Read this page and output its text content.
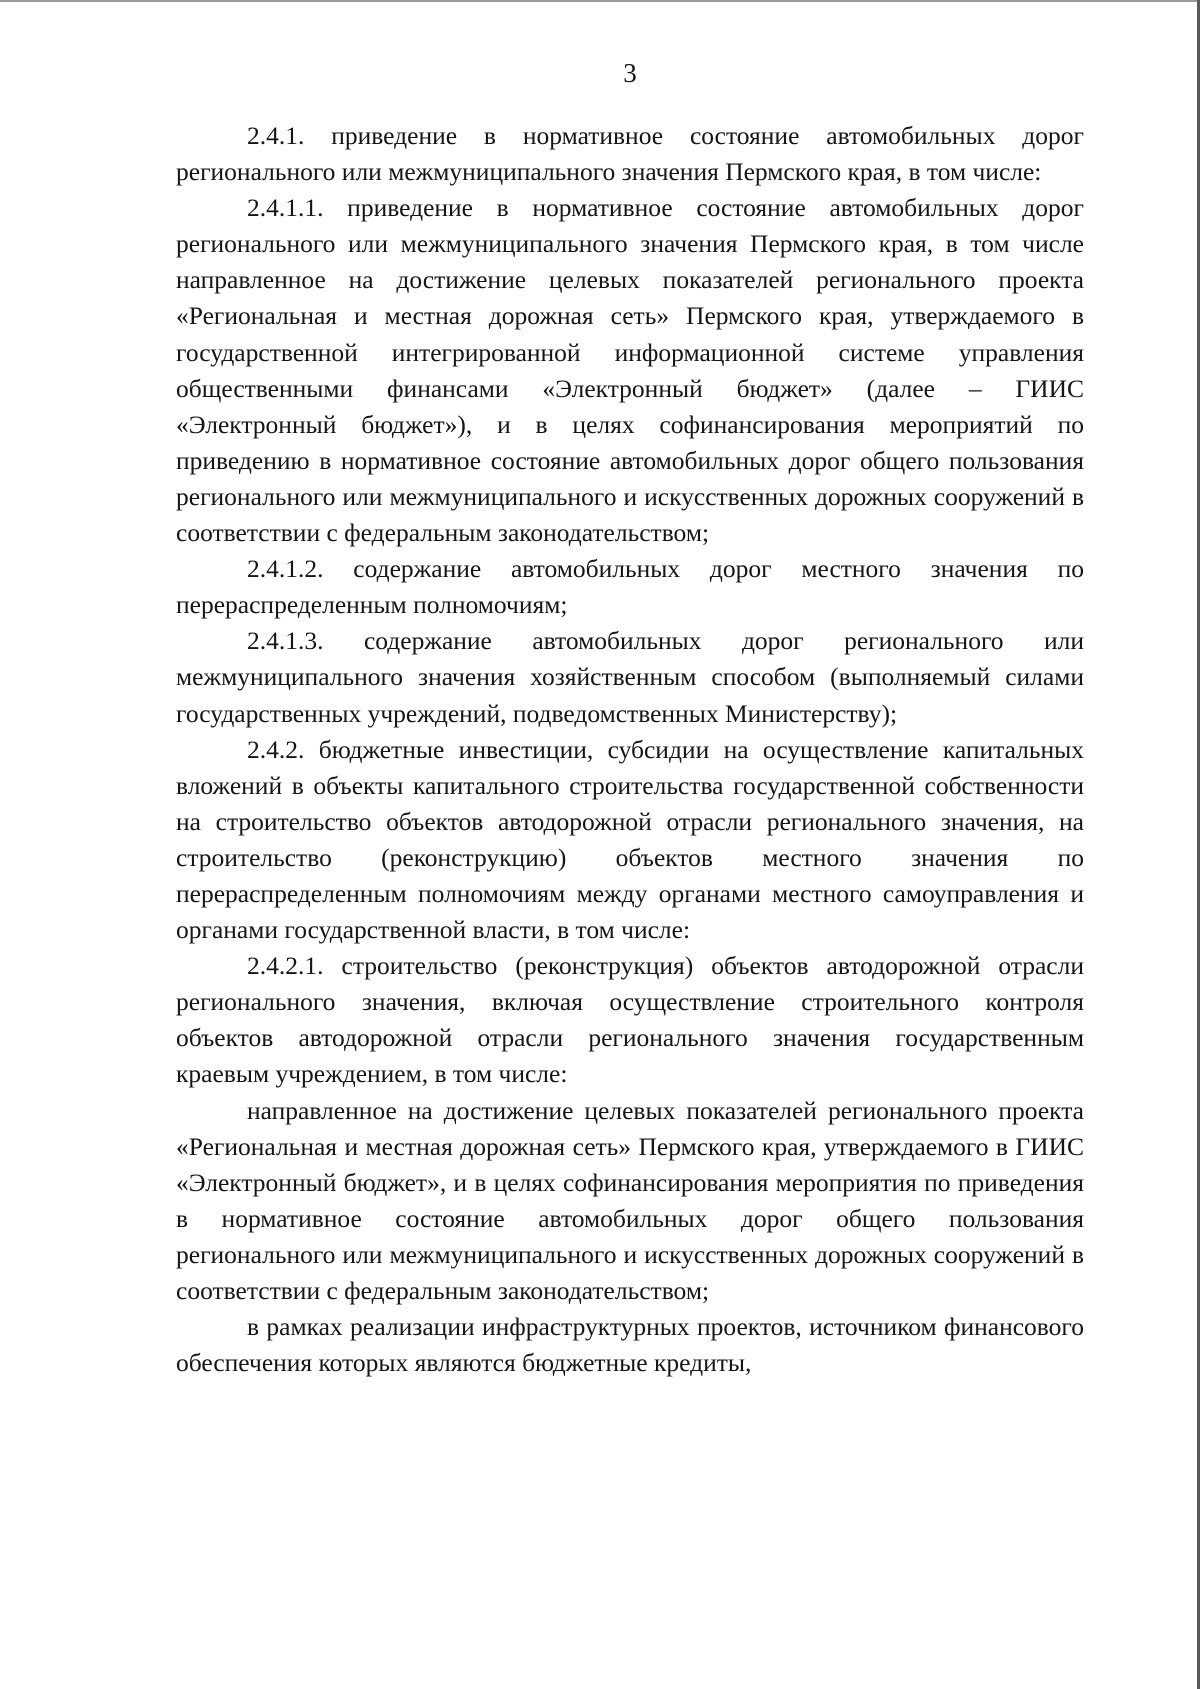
3

2.4.1. приведение в нормативное состояние автомобильных дорог регионального или межмуниципального значения Пермского края, в том числе:

2.4.1.1. приведение в нормативное состояние автомобильных дорог регионального или межмуниципального значения Пермского края, в том числе направленное на достижение целевых показателей регионального проекта «Региональная и местная дорожная сеть» Пермского края, утверждаемого в государственной интегрированной информационной системе управления общественными финансами «Электронный бюджет» (далее – ГИИС «Электронный бюджет»), и в целях софинансирования мероприятий по приведению в нормативное состояние автомобильных дорог общего пользования регионального или межмуниципального и искусственных дорожных сооружений в соответствии с федеральным законодательством;

2.4.1.2. содержание автомобильных дорог местного значения по перераспределенным полномочиям;

2.4.1.3. содержание автомобильных дорог регионального или межмуниципального значения хозяйственным способом (выполняемый силами государственных учреждений, подведомственных Министерству);

2.4.2. бюджетные инвестиции, субсидии на осуществление капитальных вложений в объекты капитального строительства государственной собственности на строительство объектов автодорожной отрасли регионального значения, на строительство (реконструкцию) объектов местного значения по перераспределенным полномочиям между органами местного самоуправления и органами государственной власти, в том числе:

2.4.2.1. строительство (реконструкция) объектов автодорожной отрасли регионального значения, включая осуществление строительного контроля объектов автодорожной отрасли регионального значения государственным краевым учреждением, в том числе:

направленное на достижение целевых показателей регионального проекта «Региональная и местная дорожная сеть» Пермского края, утверждаемого в ГИИС «Электронный бюджет», и в целях софинансирования мероприятия по приведения в нормативное состояние автомобильных дорог общего пользования регионального или межмуниципального и искусственных дорожных сооружений в соответствии с федеральным законодательством;

в рамках реализации инфраструктурных проектов, источником финансового обеспечения которых являются бюджетные кредиты,
